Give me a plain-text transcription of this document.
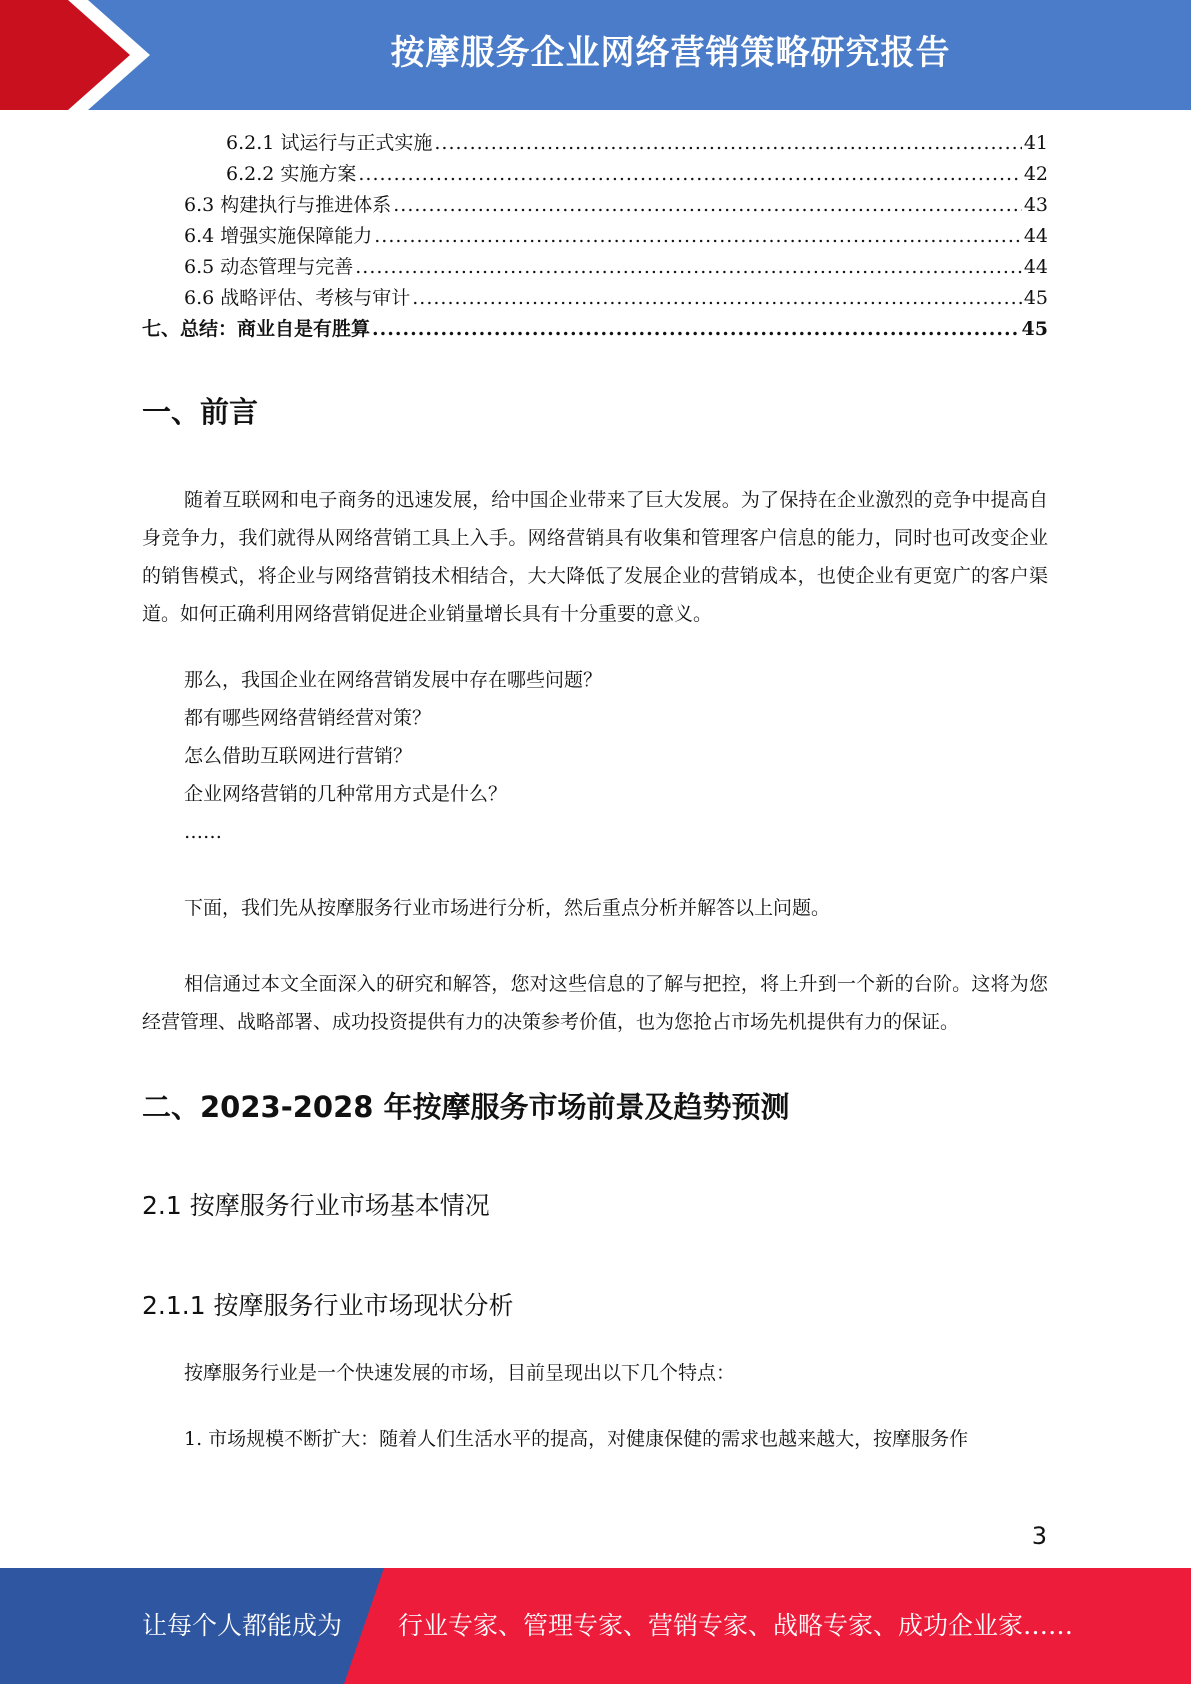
按摩服务企业网络营销策略研究报告
6.2.1 试运行与正式实施 .....	41
6.2.2 实施方案 .....	42
6.3 构建执行与推进体系 .....	43
6.4 增强实施保障能力 .....	44
6.5 动态管理与完善 .....	44
6.6 战略评估、考核与审计 .....	45
七、总结：商业自是有胜算 .....	45
一、前言

随着互联网和电子商务的迅速发展，给中国企业带来了巨大发展。为了保持在企业激烈的竞争中提高自身竞争力，我们就得从网络营销工具上入手。网络营销具有收集和管理客户信息的能力，同时也可改变企业的销售模式，将企业与网络营销技术相结合，大大降低了发展企业的营销成本，也使企业有更宽广的客户渠道。如何正确利用网络营销促进企业销量增长具有十分重要的意义。

那么，我国企业在网络营销发展中存在哪些问题？

都有哪些网络营销经营对策？

怎么借助互联网进行营销？

企业网络营销的几种常用方式是什么？

……

下面，我们先从按摩服务行业市场进行分析，然后重点分析并解答以上问题。

相信通过本文全面深入的研究和解答，您对这些信息的了解与把控，将上升到一个新的台阶。这将为您经营管理、战略部署、成功投资提供有力的决策参考价值，也为您抢占市场先机提供有力的保证。

二、2023-2028 年按摩服务市场前景及趋势预测
2.1 按摩服务行业市场基本情况
2.1.1 按摩服务行业市场现状分析

按摩服务行业是一个快速发展的市场，目前呈现出以下几个特点：

1. 市场规模不断扩大：随着人们生活水平的提高，对健康保健的需求也越来越大，按摩服务作

3
让每个人都能成为 行业专家、管理专家、营销专家、战略专家、成功企业家……
